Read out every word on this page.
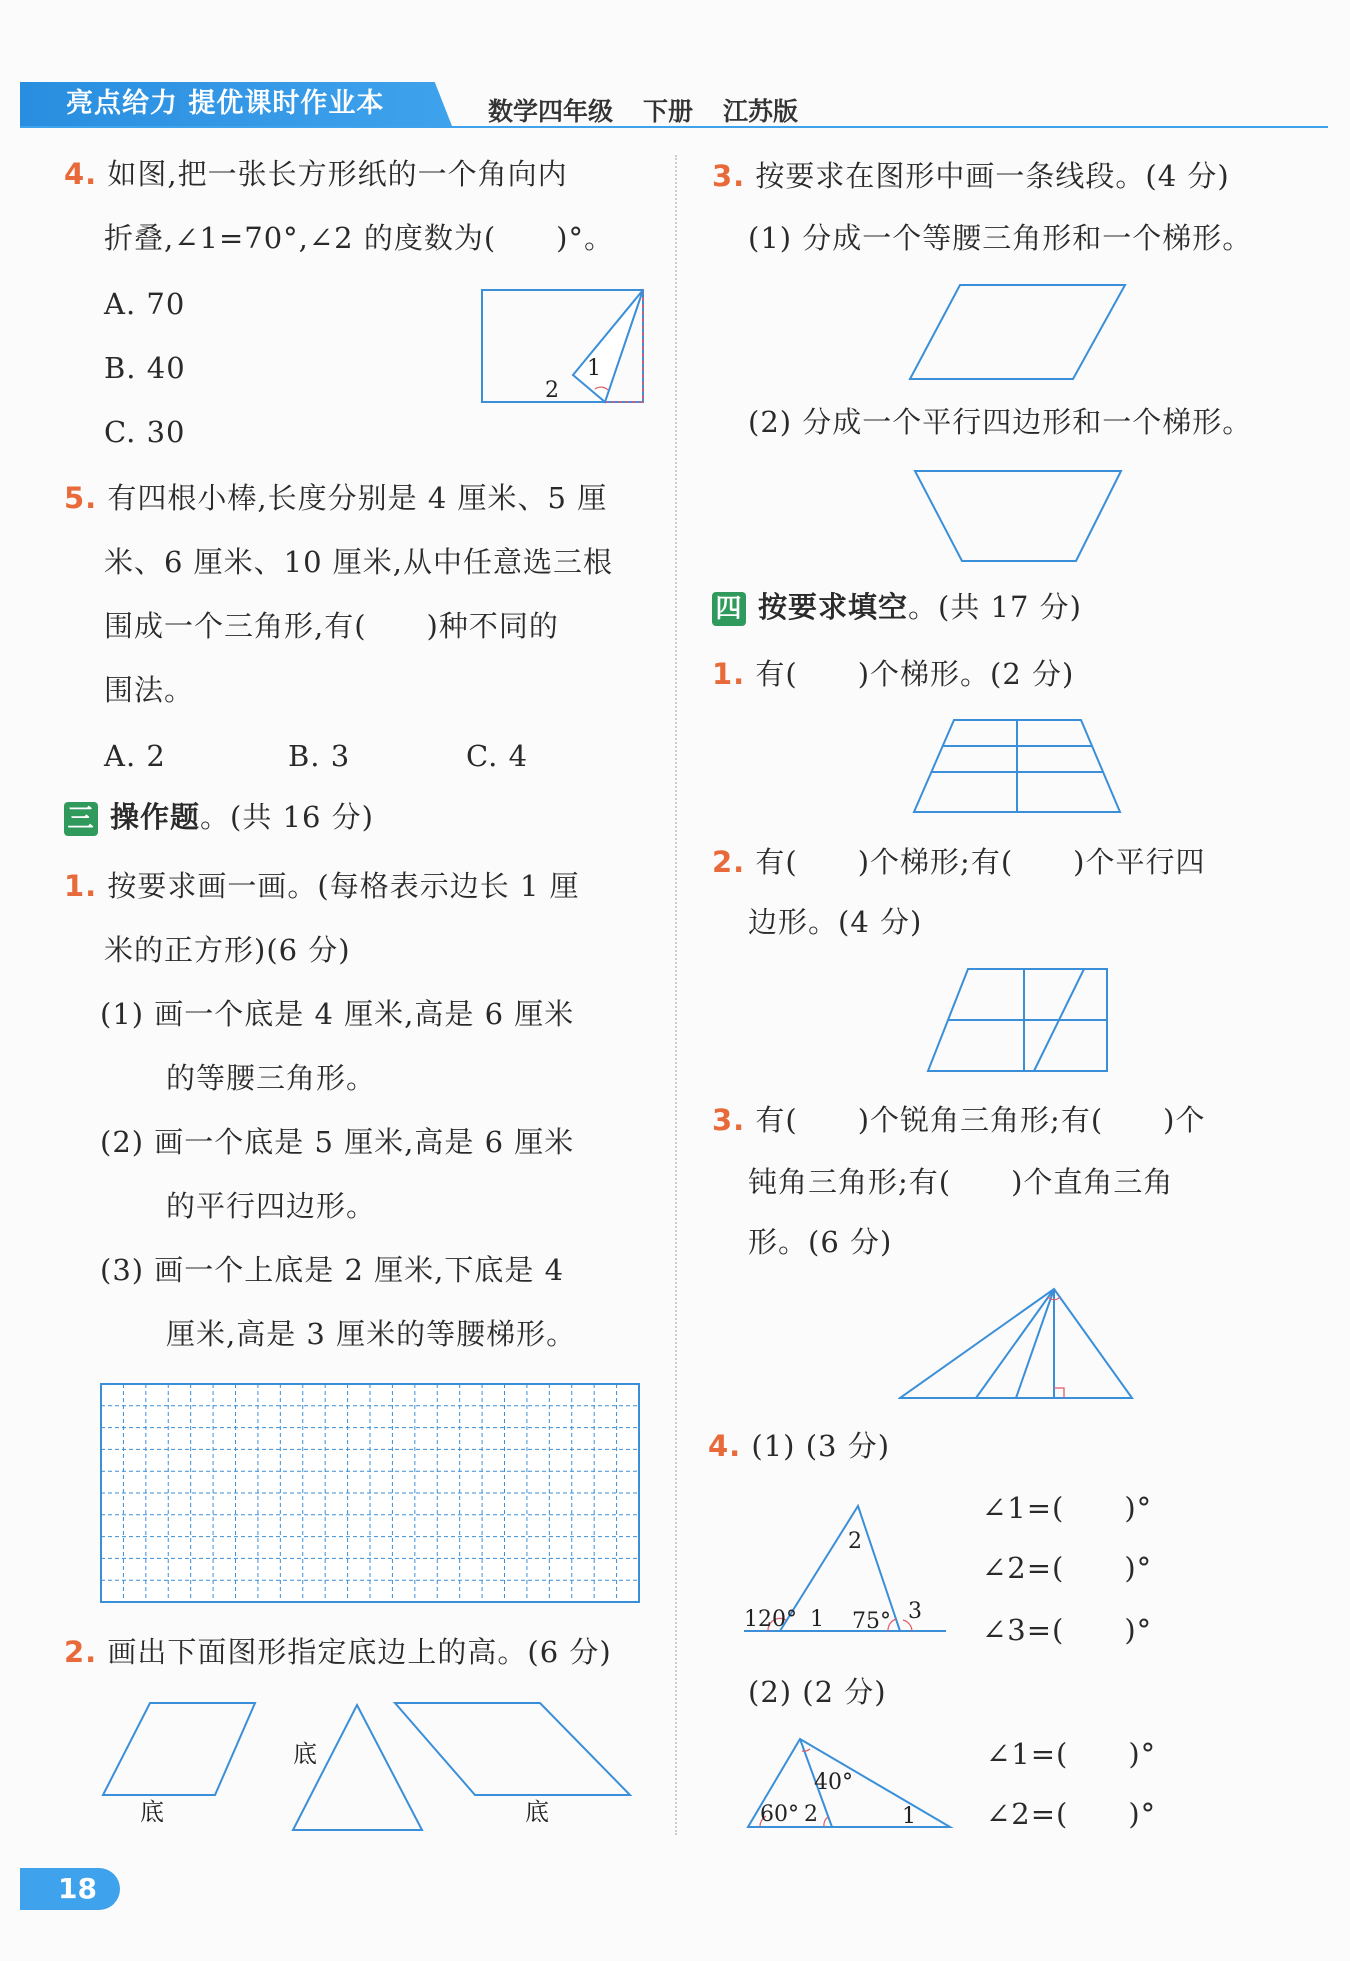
亮点给力 提优课时作业本	数学四年级 下册 江苏版
4. 如图,把一张长方形纸的一个角向内
折叠,∠1=70°,∠2 的度数为(　　)°。
A. 70
B. 40
C. 30
1
2
5. 有四根小棒,长度分别是 4 厘米、5 厘
米、6 厘米、10 厘米,从中任意选三根
围成一个三角形,有(　　)种不同的
围法。
A. 2	B. 3	C. 4
三 操作题。(共 16 分)
1. 按要求画一画。(每格表示边长 1 厘
米的正方形)(6 分)
(1) 画一个底是 4 厘米,高是 6 厘米
的等腰三角形。
(2) 画一个底是 5 厘米,高是 6 厘米
的平行四边形。
(3) 画一个上底是 2 厘米,下底是 4
厘米,高是 3 厘米的等腰梯形。
2. 画出下面图形指定底边上的高。(6 分)
底
底
底
3. 按要求在图形中画一条线段。(4 分)
(1) 分成一个等腰三角形和一个梯形。
(2) 分成一个平行四边形和一个梯形。
四 按要求填空。(共 17 分)
1. 有(　　)个梯形。(2 分)
2. 有(　　)个梯形;有(　　)个平行四
边形。(4 分)
3. 有(　　)个锐角三角形;有(　　)个
钝角三角形;有(　　)个直角三角
形。(6 分)
4. (1) (3 分)
120° 1
2
75° 3
∠1=(　　)°
∠2=(　　)°
∠3=(　　)°
(2) (2 分)
40°
60° 2	1
∠1=(　　)°
∠2=(　　)°
18
